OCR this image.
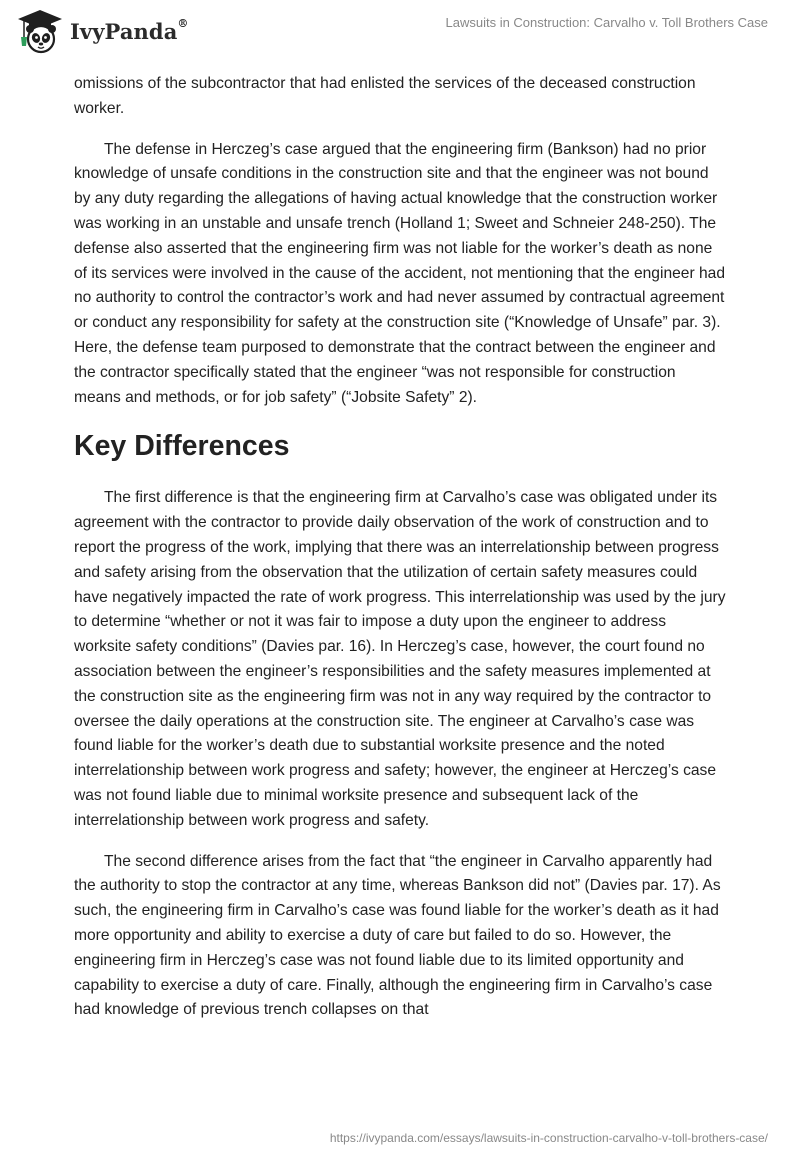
IvyPanda®	Lawsuits in Construction: Carvalho v. Toll Brothers Case

omissions of the subcontractor that had enlisted the services of the deceased construction worker.

The defense in Herczeg’s case argued that the engineering firm (Bankson) had no prior knowledge of unsafe conditions in the construction site and that the engineer was not bound by any duty regarding the allegations of having actual knowledge that the construction worker was working in an unstable and unsafe trench (Holland 1; Sweet and Schneier 248-250). The defense also asserted that the engineering firm was not liable for the worker’s death as none of its services were involved in the cause of the accident, not mentioning that the engineer had no authority to control the contractor’s work and had never assumed by contractual agreement or conduct any responsibility for safety at the construction site (“Knowledge of Unsafe” par. 3). Here, the defense team purposed to demonstrate that the contract between the engineer and the contractor specifically stated that the engineer “was not responsible for construction means and methods, or for job safety” (“Jobsite Safety” 2).

Key Differences

The first difference is that the engineering firm at Carvalho’s case was obligated under its agreement with the contractor to provide daily observation of the work of construction and to report the progress of the work, implying that there was an interrelationship between progress and safety arising from the observation that the utilization of certain safety measures could have negatively impacted the rate of work progress. This interrelationship was used by the jury to determine “whether or not it was fair to impose a duty upon the engineer to address worksite safety conditions” (Davies par. 16). In Herczeg’s case, however, the court found no association between the engineer’s responsibilities and the safety measures implemented at the construction site as the engineering firm was not in any way required by the contractor to oversee the daily operations at the construction site. The engineer at Carvalho’s case was found liable for the worker’s death due to substantial worksite presence and the noted interrelationship between work progress and safety; however, the engineer at Herczeg’s case was not found liable due to minimal worksite presence and subsequent lack of the interrelationship between work progress and safety.

The second difference arises from the fact that “the engineer in Carvalho apparently had the authority to stop the contractor at any time, whereas Bankson did not” (Davies par. 17). As such, the engineering firm in Carvalho’s case was found liable for the worker’s death as it had more opportunity and ability to exercise a duty of care but failed to do so. However, the engineering firm in Herczeg’s case was not found liable due to its limited opportunity and capability to exercise a duty of care. Finally, although the engineering firm in Carvalho’s case had knowledge of previous trench collapses on that

https://ivypanda.com/essays/lawsuits-in-construction-carvalho-v-toll-brothers-case/
